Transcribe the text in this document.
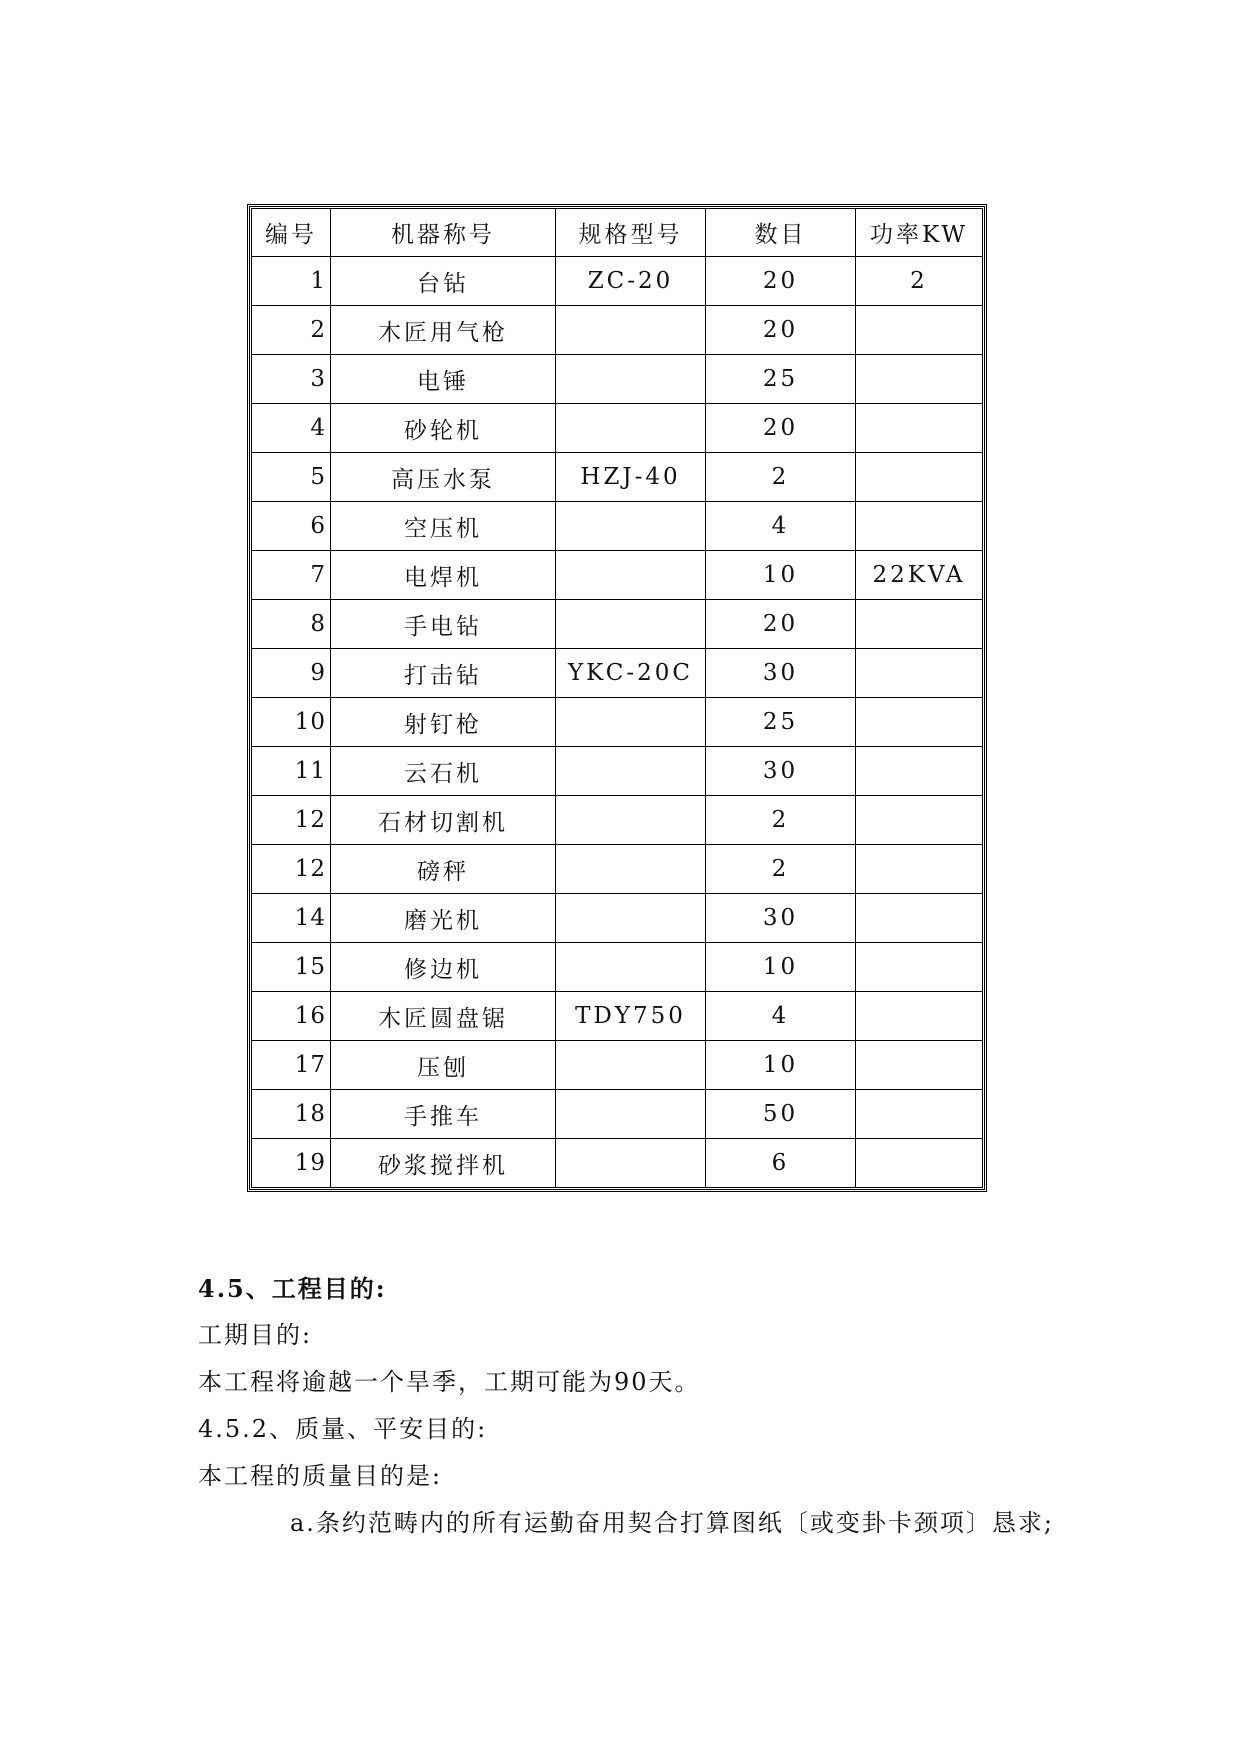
编号	机器称号	规格型号	数目	功率KW
1	台钻	ZC-20	20	2
2	木匠用气枪		20	
3	电锤		25	
4	砂轮机		20	
5	高压水泵	HZJ-40	2	
6	空压机		4	
7	电焊机		10	22KVA
8	手电钻		20	
9	打击钻	YKC-20C	30	
10	射钉枪		25	
11	云石机		30	
12	石材切割机		2	
12	磅秤		2	
14	磨光机		30	
15	修边机		10	
16	木匠圆盘锯	TDY750	4	
17	压刨		10	
18	手推车		50	
19	砂浆搅拌机		6	
4.5、工程目的:
工期目的:
本工程将逾越一个旱季，工期可能为90天。
4.5.2、质量、平安目的:
本工程的质量目的是:
a.条约范畴内的所有运勤奋用契合打算图纸〔或变卦卡颈项〕恳求;
